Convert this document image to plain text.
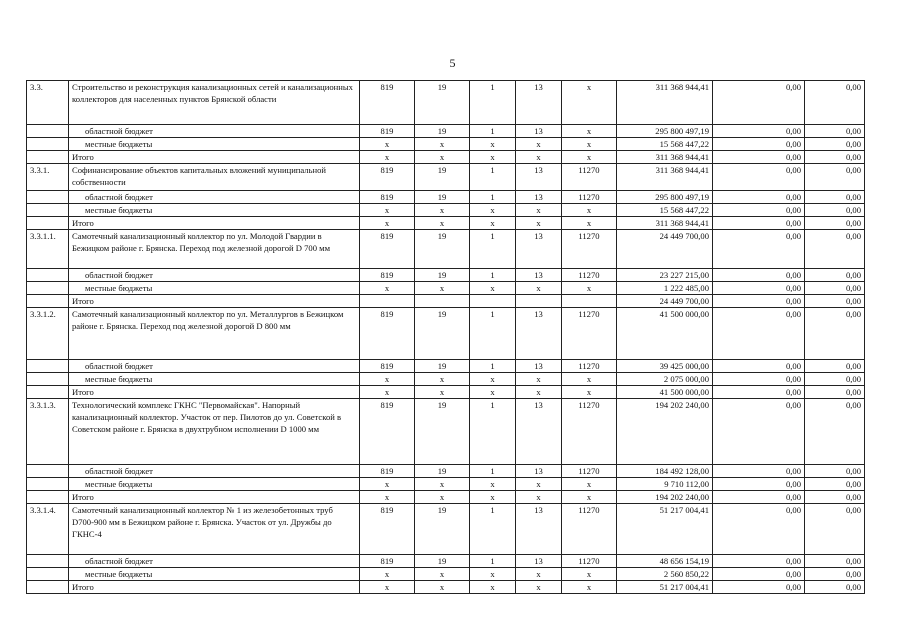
5
3.3.	Строительство и реконструкция канализационных сетей и канализационных коллекторов для населенных пунктов Брянской области	819	19	1	13	x	311 368 944,41	0,00	0,00
	областной бюджет	819	19	1	13	x	295 800 497,19	0,00	0,00
	местные бюджеты	x	x	x	x	x	15 568 447,22	0,00	0,00
	Итого	x	x	x	x	x	311 368 944,41	0,00	0,00
3.3.1.	Софинансирование объектов капитальных вложений муниципальной собственности	819	19	1	13	11270	311 368 944,41	0,00	0,00
	областной бюджет	819	19	1	13	11270	295 800 497,19	0,00	0,00
	местные бюджеты	x	x	x	x	x	15 568 447,22	0,00	0,00
	Итого	x	x	x	x	x	311 368 944,41	0,00	0,00
3.3.1.1.	Самотечный канализационный коллектор по ул. Молодой Гвардии в Бежицком районе г. Брянска. Переход под железной дорогой D 700 мм	819	19	1	13	11270	24 449 700,00	0,00	0,00
	областной бюджет	819	19	1	13	11270	23 227 215,00	0,00	0,00
	местные бюджеты	x	x	x	x	x	1 222 485,00	0,00	0,00
	Итого						24 449 700,00	0,00	0,00
3.3.1.2.	Самотечный канализационный коллектор по ул. Металлургов в Бежицком районе г. Брянска. Переход под железной дорогой D 800 мм	819	19	1	13	11270	41 500 000,00	0,00	0,00
	областной бюджет	819	19	1	13	11270	39 425 000,00	0,00	0,00
	местные бюджеты	x	x	x	x	x	2 075 000,00	0,00	0,00
	Итого	x	x	x	x	x	41 500 000,00	0,00	0,00
3.3.1.3.	Технологический комплекс ГКНС "Первомайская". Напорный канализационный коллектор. Участок от пер. Пилотов до ул. Советской в Советском районе г. Брянска в двухтрубном исполнении D 1000 мм	819	19	1	13	11270	194 202 240,00	0,00	0,00
	областной бюджет	819	19	1	13	11270	184 492 128,00	0,00	0,00
	местные бюджеты	x	x	x	x	x	9 710 112,00	0,00	0,00
	Итого	x	x	x	x	x	194 202 240,00	0,00	0,00
3.3.1.4.	Самотечный канализационный коллектор № 1 из железобетонных труб D700-900 мм в Бежицком районе г. Брянска. Участок от ул. Дружбы до ГКНС-4	819	19	1	13	11270	51 217 004,41	0,00	0,00
	областной бюджет	819	19	1	13	11270	48 656 154,19	0,00	0,00
	местные бюджеты	x	x	x	x	x	2 560 850,22	0,00	0,00
	Итого	x	x	x	x	x	51 217 004,41	0,00	0,00
